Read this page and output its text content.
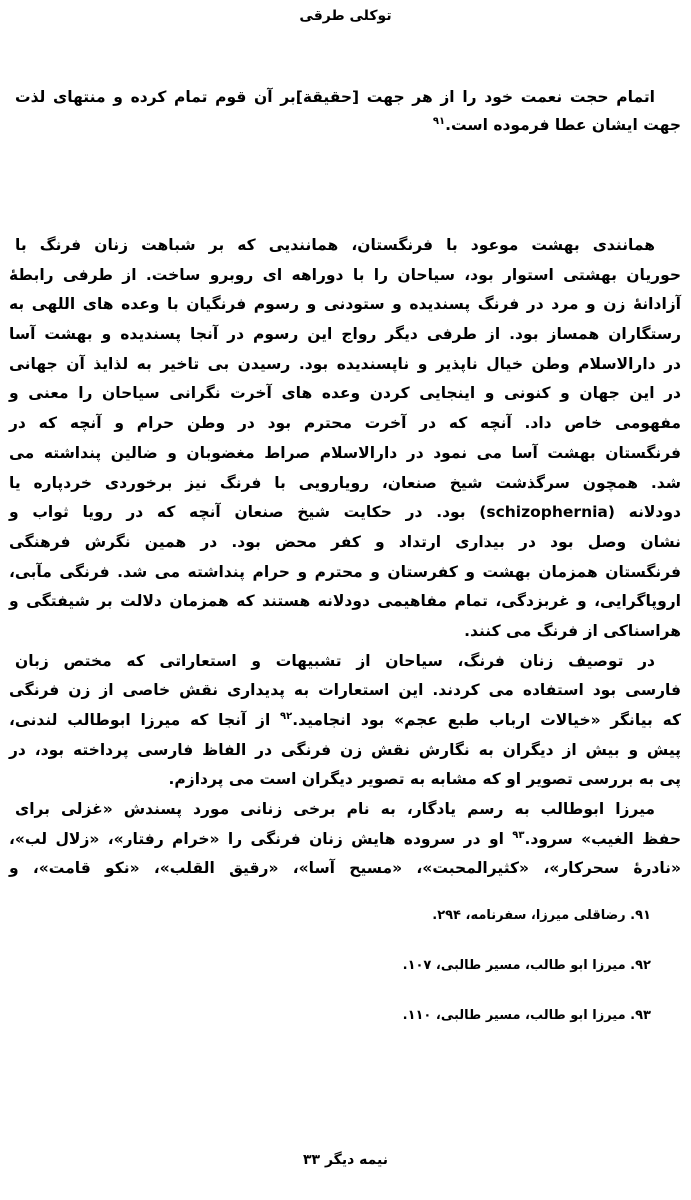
توکلی طرقی
اتمام حجت نعمت خود را از هر جهت [حقیقة]بر آن قوم تمام کرده و منتهای لذت
جهت ایشان عطا فرموده است.$^{۹۱}$
همانندی بهشت موعود با فرنگستان، همانندیی که بر شباهت زنان فرنگ با
حوریان بهشتی استوار بود، سیاحان را با دوراهه ای روبرو ساخت. از طرفی رابطهٔ
آزادانهٔ زن و مرد در فرنگ پسندیده و ستودنی و رسوم فرنگیان با وعده های اللهی به
رستگاران همساز بود. از طرفی دیگر رواج این رسوم در آنجا پسندیده و بهشت آسا
در دارالاسلام وطن خیال ناپذیر و ناپسندیده بود. رسیدن بی تاخیر به لذایذ آن جهانی
در این جهان و کنونی و اینجایی کردن وعده های آخرت نگرانی سیاحان را معنی و
مفهومی خاص داد. آنچه که در آخرت محترم بود در وطن حرام و آنچه که در
فرنگستان بهشت آسا می نمود در دارالاسلام صراط مغضوبان و ضالین پنداشته می
شد. همچون سرگذشت شیخ صنعان، رویارویی با فرنگ نیز برخوردی خردپاره یا
دودلانه (schizophernia) بود. در حکایت شیخ صنعان آنچه که در رویا ثواب و
نشان وصل بود در بیداری ارتداد و کفر محض بود. در همین نگرش فرهنگی
فرنگستان همزمان بهشت و کفرستان و محترم و حرام پنداشته می شد. فرنگی مآبی،
اروپاگرایی، و غربزدگی، تمام مفاهیمی دودلانه هستند که همزمان دلالت بر شیفتگی و
هراسناکی از فرنگ می کنند.
در توصیف زنان فرنگ، سیاحان از تشبیهات و استعاراتی که مختص زبان
فارسی بود استفاده می کردند. این استعارات به پدیداری نقش خاصی از زن فرنگی
که بیانگر «خیالات ارباب طبع عجم» بود انجامید.$^{۹۲}$ از آنجا که میرزا ابوطالب لندنی،
پیش و بیش از دیگران به نگارش نقش زن فرنگی در الفاظ فارسی پرداخته بود، در
پی به بررسی تصویر او که مشابه به تصویر دیگران است می پردازم.
میرزا ابوطالب به رسم یادگار، به نام برخی زنانی مورد پسندش «غزلی برای
حفظ الغیب» سرود.$^{۹۳}$ او در سروده هایش زنان فرنگی را «خرام رفتار»، «زلال لب»،
«نادرهٔ سحرکار»، «کثیرالمحبت»، «مسیح آسا»، «رقیق القلب»، «نکو قامت»، و
۹۱. رضاقلی میرزا، سفرنامه، ۲۹۴.
۹۲. میرزا ابو طالب، مسیر طالبی، ۱۰۷.
۹۳. میرزا ابو طالب، مسیر طالبی، ۱۱۰.
نیمه دیگر ۳۳
